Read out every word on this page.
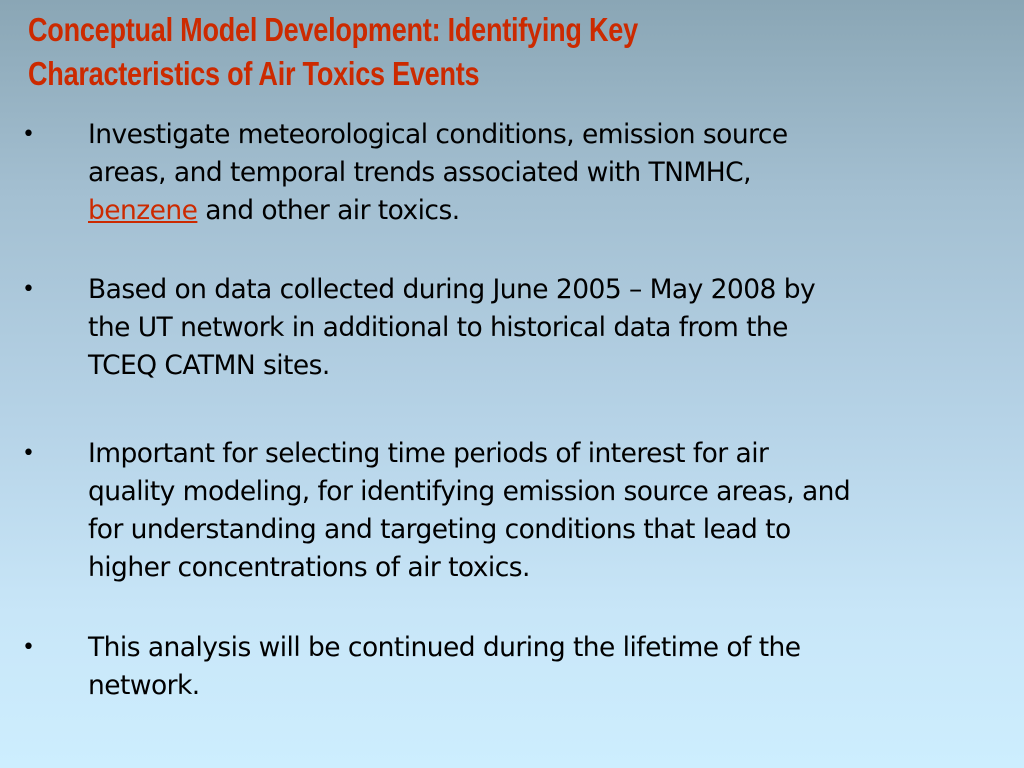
Conceptual Model Development: Identifying Key
Characteristics of Air Toxics Events
• Investigate meteorological conditions, emission source
areas, and temporal trends associated with TNMHC,
benzene and other air toxics.
• Based on data collected during June 2005 – May 2008 by
the UT network in additional to historical data from the
TCEQ CATMN sites.
• Important for selecting time periods of interest for air
quality modeling, for identifying emission source areas, and
for understanding and targeting conditions that lead to
higher concentrations of air toxics.
• This analysis will be continued during the lifetime of the
network.
